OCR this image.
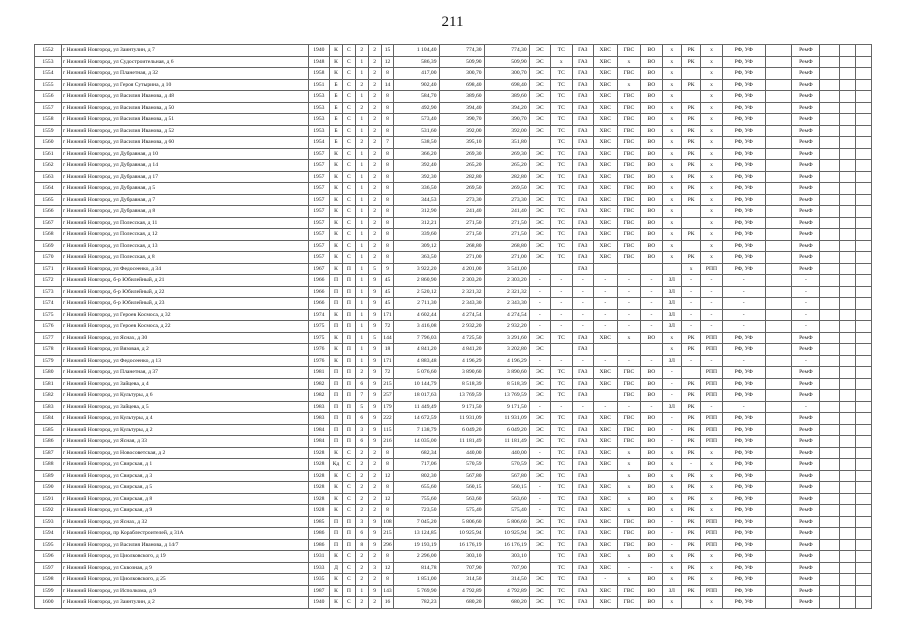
211
1552	г Нижний Новгород, ул Заинтулин, д 7	1940	К	С	2	2	15	1 104,40	774,30	774,30	ЭС	ТС	ГАЗ	ХВС	ГВС	ВО	х	РК	х	РФ, УФ		РемФ			
1553	г Нижний Новгород, ул Судостроительная, д 6	1948	К	С	1	2	12	586,39	509,90	509,90	ЭС	х	ГАЗ	ХВС	х	ВО	х	РК	х	РФ, УФ		РемФ			
1554	г Нижний Новгород, ул Планетная, д 32	1958	К	С	1	2	8	417,00	300,70	300,70	ЭС	ТС	ГАЗ	ХВС	ГВС	ВО	х		х	РФ, УФ		РемФ			
1555	г Нижний Новгород, ул Героя Сутырина, д 10	1951	Б	С	2	2	14	902,40	698,40	698,40	ЭС	ТС	ГАЗ	ХВС	х	ВО	х	РК	х	РФ, УФ		РемФ			
1556	г Нижний Новгород, ул Василия Иванова, д 48	1953	Б	С	1	2	8	584,70	389,60	389,60	ЭС	ТС	ГАЗ	ХВС	ГВС	ВО	х		х	РФ, УФ		РемФ			
1557	г Нижний Новгород, ул Василия Иванова, д 50	1953	Б	С	2	2	8	492,90	394,40	394,20	ЭС	ТС	ГАЗ	ХВС	ГВС	ВО	х	РК	х	РФ, УФ		РемФ			
1558	г Нижний Новгород, ул Василия Иванова, д 51	1953	Б	С	1	2	8	573,40	390,70	390,70	ЭС	ТС	ГАЗ	ХВС	ГВС	ВО	х	РК	х	РФ, УФ		РемФ			
1559	г Нижний Новгород, ул Василия Иванова, д 52	1953	Б	С	1	2	8	531,60	392,00	392,00	ЭС	ТС	ГАЗ	ХВС	ГВС	ВО	х	РК	х	РФ, УФ		РемФ			
1560	г Нижний Новгород, ул Василия Иванова, д 60	1954	Б	С	2	2	7	538,50	395,10	351,80		ТС	ГАЗ	ХВС	ГВС	ВО	х	РК	х	РФ, УФ		РемФ			
1561	г Нижний Новгород, ул Дубравная, д 10	1957	К	С	1	2	8	366,20	269,30	269,30	ЭС	ТС	ГАЗ	ХВС	ГВС	ВО	х	РК	х	РФ, УФ		РемФ			
1562	г Нижний Новгород, ул Дубравная, д 14	1957	К	С	1	2	8	392,40	265,20	265,20	ЭС	ТС	ГАЗ	ХВС	ГВС	ВО	х	РК	х	РФ, УФ		РемФ			
1563	г Нижний Новгород, ул Дубравная, д 17	1957	К	С	1	2	8	392,30	282,80	282,80	ЭС	ТС	ГАЗ	ХВС	ГВС	ВО	х	РК	х	РФ, УФ		РемФ			
1564	г Нижний Новгород, ул Дубравная, д 5	1957	К	С	1	2	8	336,50	269,50	269,50	ЭС	ТС	ГАЗ	ХВС	ГВС	ВО	х	РК	х	РФ, УФ		РемФ			
1565	г Нижний Новгород, ул Дубравная, д 7	1957	К	С	1	2	8	344,53	273,30	273,30	ЭС	ТС	ГАЗ	ХВС	ГВС	ВО	х	РК	х	РФ, УФ		РемФ			
1566	г Нижний Новгород, ул Дубравная, д 8	1957	К	С	1	2	8	312,90	241,40	241,40	ЭС	ТС	ГАЗ	ХВС	ГВС	ВО	х		х	РФ, УФ		РемФ			
1567	г Нижний Новгород, ул Полесская, д 11	1957	К	С	1	2	8	312,21	271,50	271,50	ЭС	ТС	ГАЗ	ХВС	ГВС	ВО	х		х	РФ, УФ		РемФ			
1568	г Нижний Новгород, ул Полесская, д 12	1957	К	С	1	2	8	339,60	271,50	271,50	ЭС	ТС	ГАЗ	ХВС	ГВС	ВО	х	РК	х	РФ, УФ		РемФ			
1569	г Нижний Новгород, ул Полесская, д 13	1957	К	С	1	2	8	309,12	268,80	268,80	ЭС	ТС	ГАЗ	ХВС	ГВС	ВО	х		х	РФ, УФ		РемФ			
1570	г Нижний Новгород, ул Полесская, д 8	1957	К	С	1	2	8	363,50	271,00	271,00	ЭС	ТС	ГАЗ	ХВС	ГВС	ВО	х	РК	х	РФ, УФ		РемФ			
1571	г Нижний Новгород, ул Федосеенко, д 34	1967	К	П	1	5	9	3 922,20	4 201,00	3 541,00			ГАЗ					х	РПП	РФ, УФ		РемФ			
1572	г Нижний Новгород, б-р Юбилейный, д 21	1966	П	П	1	9	45	2 860,90	2 303,20	2 303,20	-	-	-	-	-	-	ЗЛ	-	-	-		-			
1573	г Нижний Новгород, б-р Юбилейный, д 22	1966	П	П	1	9	45	2 520,12	2 321,32	2 321,32	-	-	-	-	-	-	ЗЛ	-	-	-		-			
1574	г Нижний Новгород, б-р Юбилейный, д 23	1966	П	П	1	9	45	2 711,30	2 343,30	2 343,30	-	-	-	-	-	-	ЗЛ	-	-	-		-			
1575	г Нижний Новгород, ул Героев Космоса, д 32	1974	К	П	1	9	171	4 602,44	4 274,54	4 274,54	-	-	-	-	-	-	ЗЛ	-	-	-		-			
1576	г Нижний Новгород, ул Героев Космоса, д 22	1975	П	П	1	9	72	3 416,08	2 932,20	2 932,20	-	-	-	-	-	-	ЗЛ	-	-	-		-			
1577	г Нижний Новгород, ул Яснах, д 30	1975	К	П	1	5	144	7 796,03	4 725,50	3 291,60	ЭС	ТС	ГАЗ	ХВС	х	ВО	х	РК	РПП	РФ, УФ		РемФ			
1578	г Нижний Новгород, ул Вязовая, д 2	1976	К	П	1	9	18	4 841,20	4 841,20	3 202,80	ЭС		ГАЗ				х	РК	РПП	РФ, УФ		РемФ			
1579	г Нижний Новгород, ул Федосеенко, д 13	1976	К	П	1	9	171	4 883,48	4 196,29	4 196,29	-	-	-	-	-	-	ЗЛ	-	-	-		-			
1580	г Нижний Новгород, ул Планетная, д 37	1981	П	П	2	9	72	5 076,60	3 890,60	3 890,60	ЭС	ТС	ГАЗ	ХВС	ГВС	ВО	-		РПП	РФ, УФ		РемФ			
1581	г Нижний Новгород, ул Зайцева, д 4	1982	П	П	6	9	215	10 144,79	8 518,39	8 518,39	ЭС	ТС	ГАЗ	ХВС	ГВС	ВО	-	РК	РПП	РФ, УФ		РемФ			
1582	г Нижний Новгород, ул Культуры, д 6	1982	П	П	7	9	257	18 017,63	13 769,59	13 769,59	ЭС	ТС	ГАЗ		ГВС	ВО	-	РК	РПП	РФ, УФ		РемФ			
1583	г Нижний Новгород, ул Зайцева, д 5	1983	П	П	5	9	179	11 449,49	9 171,50	9 171,50	-	-	-	-	-	-	ЗЛ	РК	-	-		-			
1584	г Нижний Новгород, ул Культуры, д 4	1983	П	П	6	9	222	14 672,59	11 931,09	11 931,09	ЭС	ТС	ГАЗ	ХВС	ГВС	ВО	-	РК	РПП	РФ, УФ		РемФ			
1585	г Нижний Новгород, ул Культуры, д 2	1984	П	П	3	9	115	7 138,79	6 049,20	6 049,20	ЭС	ТС	ГАЗ	ХВС	ГВС	ВО	-	РК	РПП	РФ, УФ		РемФ			
1586	г Нижний Новгород, ул Ясная, д 33	1984	П	П	6	9	216	14 035,00	11 181,49	11 181,49	ЭС	ТС	ГАЗ	ХВС	ГВС	ВО	-	РК	РПП	РФ, УФ		РемФ			
1587	г Нижний Новгород, ул Новосоветская, д 2	1928	К	С	2	2	8	682,34	440,00	440,00	-	ТС	ГАЗ	ХВС	х	ВО	х	РК	х	РФ, УФ		РемФ			
1588	г Нижний Новгород, ул Свирская, д 1	1928	Кд	С	2	2	8	717,06	570,59	570,59	ЭС	ТС	ГАЗ	ХВС	х	ВО	х	-	х	РФ, УФ		РемФ			
1589	г Нижний Новгород, ул Свирская, д 3	1928	К	С	2	2	12	802,30	567,80	567,80	ЭС	ТС	ГАЗ		х	ВО	х	РК	х	РФ, УФ		РемФ			
1590	г Нижний Новгород, ул Свирская, д 5	1928	К	С	2	2	8	655,60	560,15	560,15	-	ТС	ГАЗ	ХВС	х	ВО	х	РК	х	РФ, УФ		РемФ			
1591	г Нижний Новгород, ул Свирская, д 8	1928	К	С	2	2	12	755,60	563,60	563,60	-	ТС	ГАЗ	ХВС	х	ВО	х	РК	х	РФ, УФ		РемФ			
1592	г Нижний Новгород, ул Свирская, д 9	1928	К	С	2	2	8	723,50	575,40	575,40	-	ТС	ГАЗ	ХВС	х	ВО	х	РК	х	РФ, УФ		РемФ			
1593	г Нижний Новгород, ул Яснах, д 32	1985	П	П	3	9	108	7 045,20	5 806,60	5 806,60	ЭС	ТС	ГАЗ	ХВС	ГВС	ВО	-	РК	РПП	РФ, УФ		РемФ			
1594	г Нижний Новгород, пр Кораблестроителей, д 31А	1986	П	П	6	9	215	13 124,85	10 925,94	10 925,94	ЭС	ТС	ГАЗ	ХВС	ГВС	ВО	-	РК	РПП	РФ, УФ		РемФ			
1595	г Нижний Новгород, ул Василия Иванова, д 14/7	1986	П	П	8	9	296	19 193,19	16 176,19	16 176,19	ЭС	ТС	ГАЗ	ХВС	ГВС	ВО	-	РК	РПП	РФ, УФ		РемФ			
1596	г Нижний Новгород, ул Циолковского, д 19	1931	К	С	2	2	8	2 296,00	303,10	303,10		ТС	ГАЗ	ХВС	х	ВО	х	РК	х	РФ, УФ		РемФ			
1597	г Нижний Новгород, ул Сквозная, д 9	1933	Д	С	2	3	12	814,78	707,90	707,90		ТС	ГАЗ	ХВС	-	-	х	РК	х	РФ, УФ		РемФ			
1598	г Нижний Новгород, ул Циолковского, д 25	1935	К	С	2	2	8	1 851,00	314,50	314,50	ЭС	ТС	ГАЗ	-	х	ВО	х	РК	х	РФ, УФ		РемФ			
1599	г Нижний Новгород, ул Исполкома, д 9	1987	К	П	1	9	143	5 769,90	4 792,89	4 792,89	ЭС	ТС	ГАЗ	ХВС	ГВС	ВО	ЗЛ	РК	РПП	РФ, УФ		РемФ			
1600	г Нижний Новгород, ул Заинтулин, д 2	1940	К	С	2	2	16	782,23	680,20	680,20	ЭС	ТС	ГАЗ	ХВС	ГВС	ВО	х		х	РФ, УФ		РемФ			
